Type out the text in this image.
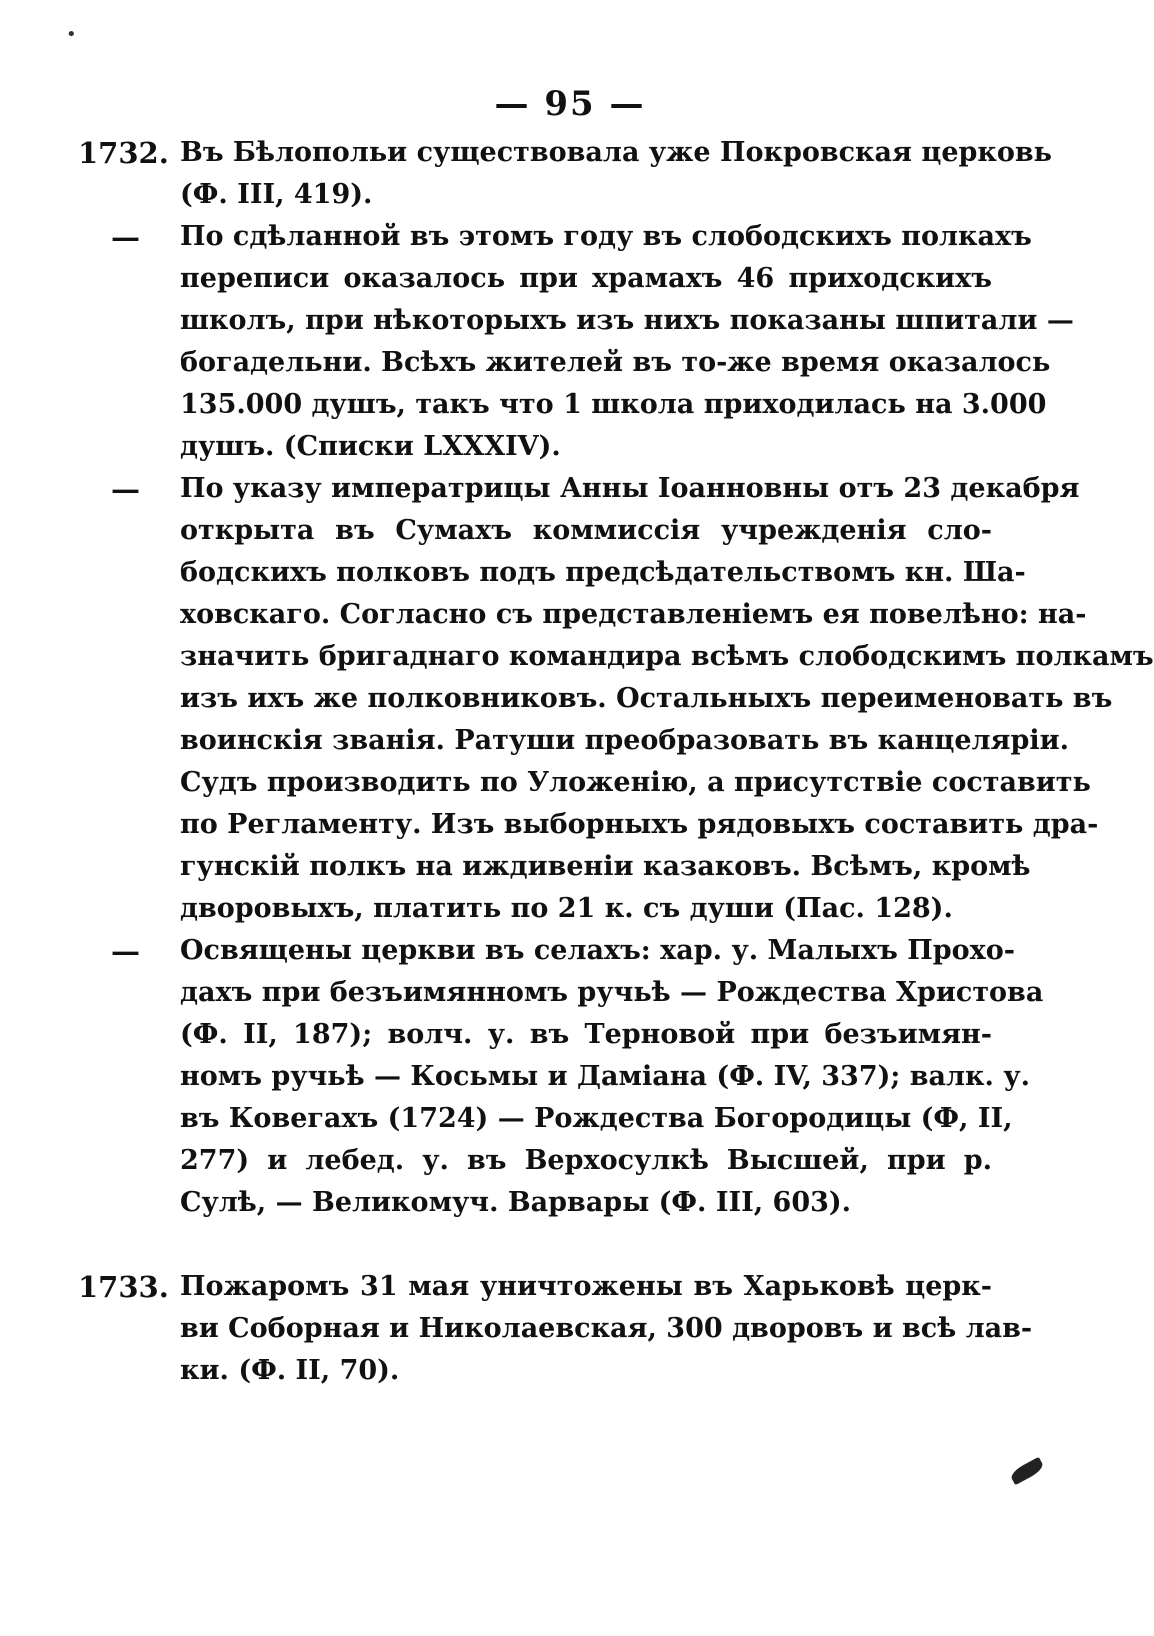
— 95 —
1732. Въ Бѣлопольи существовала уже Покровская церковь
(Ф. III, 419).
—	По сдѣланной въ этомъ году въ слободскихъ полкахъ
переписи оказалось при храмахъ 46 приходскихъ
школъ, при нѣкоторыхъ изъ нихъ показаны шпитали —
богадельни. Всѣхъ жителей въ то-же время оказалось
135.000 душъ, такъ что 1 школа приходилась на 3.000
душъ. (Списки LXXXIV).
—	По указу императрицы Анны Іоанновны отъ 23 декабря
открыта въ Сумахъ коммиссія учрежденія сло-
бодскихъ полковъ подъ предсѣдательствомъ кн. Ша-
ховскаго. Согласно съ представленіемъ ея повелѣно: на-
значить бригаднаго командира всѣмъ слободскимъ полкамъ
изъ ихъ же полковниковъ. Остальныхъ переименовать въ
воинскія званія. Ратуши преобразовать въ канцеляріи.
Судъ производить по Уложенію, а присутствіе составить
по Регламенту. Изъ выборныхъ рядовыхъ составить дра-
гунскій полкъ на иждивеніи казаковъ. Всѣмъ, кромѣ
дворовыхъ, платить по 21 к. съ души (Пас. 128).
—	Освящены церкви въ селахъ: хар. у. Малыхъ Прохо-
дахъ при безъимянномъ ручьѣ — Рождества Христова
(Ф. II, 187); волч. у. въ Терновой при безъимян-
номъ ручьѣ — Косьмы и Даміана (Ф. IV, 337); валк. у.
въ Ковегахъ (1724) — Рождества Богородицы (Ф, II,
277) и лебед. у. въ Верхосулкѣ Высшей, при р.
Сулѣ, — Великомуч. Варвары (Ф. III, 603).
1733. Пожаромъ 31 мая уничтожены въ Харьковѣ церк-
ви Соборная и Николаевская, 300 дворовъ и всѣ лав-
ки. (Ф. II, 70).
•
